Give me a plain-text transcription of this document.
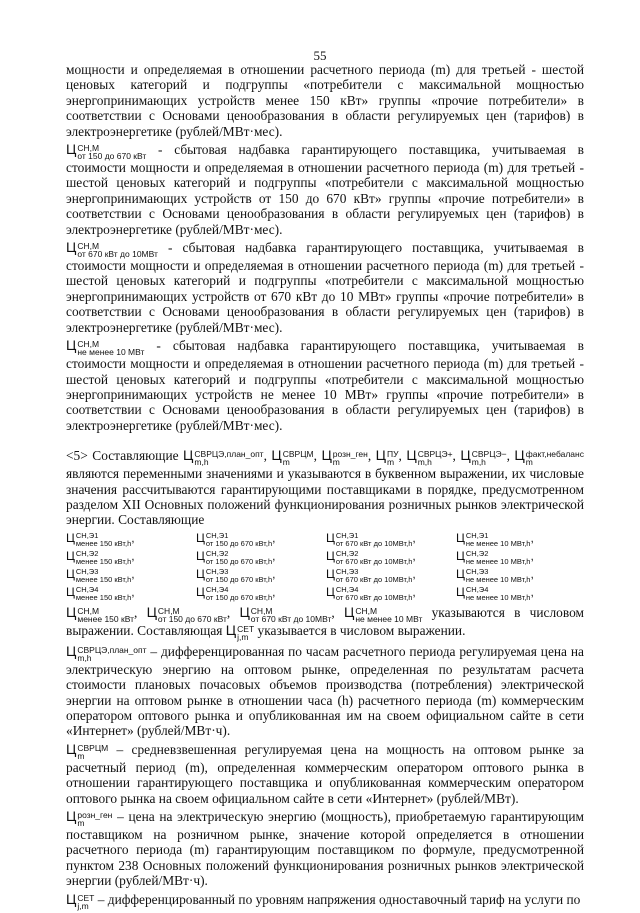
55

мощности и определяемая в отношении расчетного периода (m) для третьей - шестой ценовых категорий и подгруппы «потребители с максимальной мощностью энергопринимающих устройств менее 150 кВт» группы «прочие потребители» в соответствии с Основами ценообразования в области регулируемых цен (тарифов) в электроэнергетике (рублей/МВт·мес).

Ц СН,М
от 150 до 670 кВт - сбытовая надбавка гарантирующего поставщика, учитываемая в стоимости мощности и определяемая в отношении расчетного периода (m) для третьей - шестой ценовых категорий и подгруппы «потребители с максимальной мощностью энергопринимающих устройств от 150 до 670 кВт» группы «прочие потребители» в соответствии с Основами ценообразования в области регулируемых цен (тарифов) в электроэнергетике (рублей/МВт·мес).

Ц СН,М
от 670 кВт до 10МВт - сбытовая надбавка гарантирующего поставщика, учитываемая в стоимости мощности и определяемая в отношении расчетного периода (m) для третьей - шестой ценовых категорий и подгруппы «потребители с максимальной мощностью энергопринимающих устройств от 670 кВт до 10 МВт» группы «прочие потребители» в соответствии с Основами ценообразования в области регулируемых цен (тарифов) в электроэнергетике (рублей/МВт·мес).

Ц СН,М
не менее 10 МВт - сбытовая надбавка гарантирующего поставщика, учитываемая в стоимости мощности и определяемая в отношении расчетного периода (m) для третьей - шестой ценовых категорий и подгруппы «потребители с максимальной мощностью энергопринимающих устройств не менее 10 МВт» группы «прочие потребители» в соответствии с Основами ценообразования в области регулируемых цен (тарифов) в электроэнергетике (рублей/МВт·мес).

<5> Составляющие Ц СВРЦЭ,план_опт
m,h	, Ц СВРЦМ
m	, Ц розн_ген
m	, Ц ПУ
m , Ц СВРЦЭ+
m,h	, Ц СВРЦЭ−
m,h	, Ц факт,небаланс
m
являются переменными значениями и указываются в буквенном выражении, их числовые значения рассчитываются гарантирующими поставщиками в порядке, предусмотренном разделом XII Основных положений функционирования розничных рынков электрической энергии. Составляющие

Ц СН,Э1
менее 150 кВт,h ,	Ц СН,Э1
от 150 до 670 кВт,h ,	Ц СН,Э1
от 670 кВт до 10МВт,h ,	Ц СН,Э1
не менее 10 МВт,h ,
Ц СН,Э2
менее 150 кВт,h ,	Ц СН,Э2
от 150 до 670 кВт,h ,	Ц СН,Э2
от 670 кВт до 10МВт,h ,	Ц СН,Э2
не менее 10 МВт,h ,
Ц СН,Э3
менее 150 кВт,h ,	Ц СН,Э3
от 150 до 670 кВт,h ,	Ц СН,Э3
от 670 кВт до 10МВт,h ,	Ц СН,Э3
не менее 10 МВт,h ,
Ц СН,Э4
менее 150 кВт,h ,	Ц СН,Э4
от 150 до 670 кВт,h ,	Ц СН,Э4
от 670 кВт до 10МВт,h ,	Ц СН,Э4
не менее 10 МВт,h ,

Ц СН,М
менее 150 кВт , Ц СН,М
от 150 до 670 кВт , Ц СН,М
от 670 кВт до 10МВт , Ц СН,М
не менее 10 МВт указываются в числовом выражении. Составляющая Ц СЕТ
j,m указывается в числовом выражении.

Ц СВРЦЭ,план_опт
m,h	– дифференцированная по часам расчетного периода регулируемая цена на электрическую энергию на оптовом рынке, определенная по результатам расчета стоимости плановых почасовых объемов производства (потребления) электрической энергии на оптовом рынке в отношении часа (h) расчетного периода (m) коммерческим оператором оптового рынка и опубликованная им на своем официальном сайте в сети «Интернет» (рублей/МВт·ч).

Ц СВРЦМ
m	– средневзвешенная регулируемая цена на мощность на оптовом рынке за расчетный период (m), определенная коммерческим оператором оптового рынка в отношении гарантирующего поставщика и опубликованная коммерческим оператором оптового рынка на своем официальном сайте в сети «Интернет» (рублей/МВт).

Ц розн_ген
m	– цена на электрическую энергию (мощность), приобретаемую гарантирующим поставщиком на розничном рынке, значение которой определяется в отношении расчетного периода (m) гарантирующим поставщиком по формуле, предусмотренной пунктом 238 Основных положений функционирования розничных рынков электрической энергии (рублей/МВт·ч).

Ц СЕТ
j,m – дифференцированный по уровням напряжения одноставочный тариф на услуги по
